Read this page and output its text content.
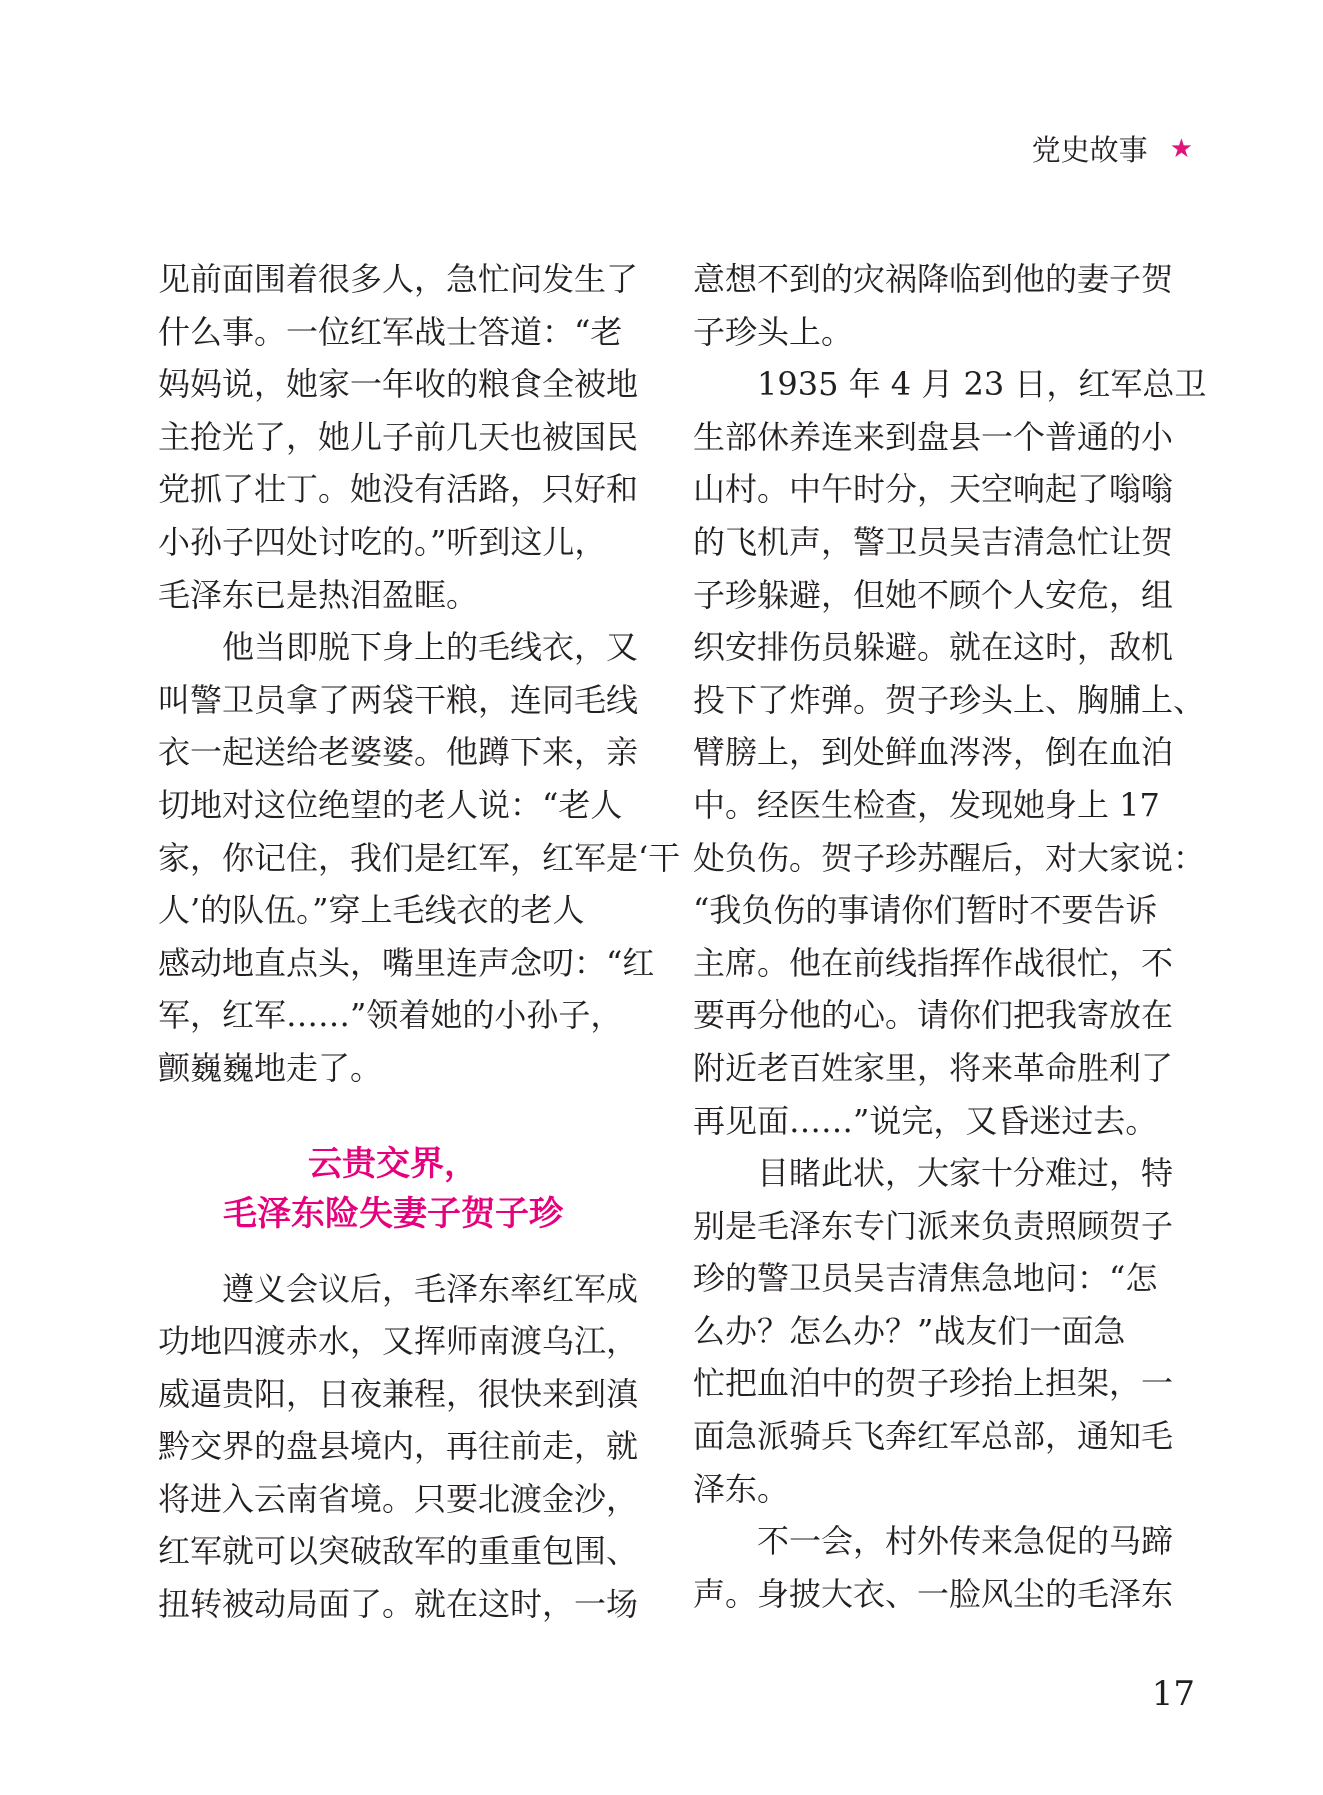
党史故事 ★

见前面围着很多人，急忙问发生了

什么事。一位红军战士答道：“老

妈妈说，她家一年收的粮食全被地

主抢光了，她儿子前几天也被国民

党抓了壮丁。她没有活路，只好和

小孙子四处讨吃的。”听到这儿，

毛泽东已是热泪盈眶。

　　他当即脱下身上的毛线衣，又

叫警卫员拿了两袋干粮，连同毛线

衣一起送给老婆婆。他蹲下来，亲

切地对这位绝望的老人说：“老人

家，你记住，我们是红军，红军是‘干

人’的队伍。”穿上毛线衣的老人

感动地直点头，嘴里连声念叨：“红

军，红军……”领着她的小孙子，

颤巍巍地走了。

云贵交界，
毛泽东险失妻子贺子珍

　　遵义会议后，毛泽东率红军成

功地四渡赤水，又挥师南渡乌江，

威逼贵阳，日夜兼程，很快来到滇

黔交界的盘县境内，再往前走，就

将进入云南省境。只要北渡金沙，

红军就可以突破敌军的重重包围、

扭转被动局面了。就在这时，一场

意想不到的灾祸降临到他的妻子贺

子珍头上。

　　1935 年 4 月 23 日，红军总卫

生部休养连来到盘县一个普通的小

山村。中午时分，天空响起了嗡嗡

的飞机声，警卫员吴吉清急忙让贺

子珍躲避，但她不顾个人安危，组

织安排伤员躲避。就在这时，敌机

投下了炸弹。贺子珍头上、胸脯上、

臂膀上，到处鲜血涔涔，倒在血泊

中。经医生检查，发现她身上 17

处负伤。贺子珍苏醒后，对大家说：

“我负伤的事请你们暂时不要告诉

主席。他在前线指挥作战很忙，不

要再分他的心。请你们把我寄放在

附近老百姓家里，将来革命胜利了

再见面……”说完，又昏迷过去。

　　目睹此状，大家十分难过，特

别是毛泽东专门派来负责照顾贺子

珍的警卫员吴吉清焦急地问：“怎

么办？怎么办？”战友们一面急

忙把血泊中的贺子珍抬上担架，一

面急派骑兵飞奔红军总部，通知毛

泽东。

　　不一会，村外传来急促的马蹄

声。身披大衣、一脸风尘的毛泽东

17
